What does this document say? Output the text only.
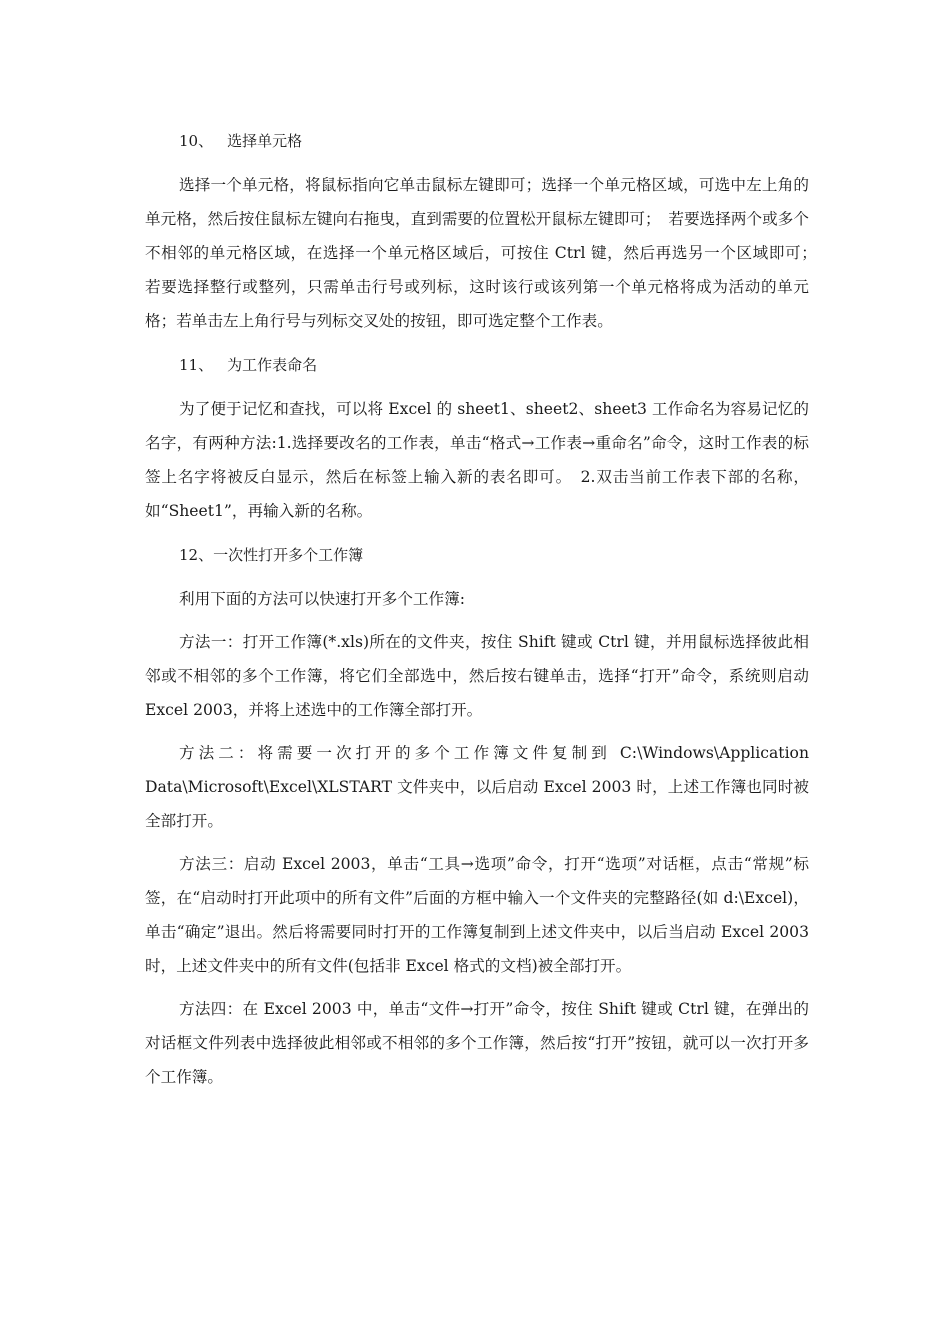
10、 选择单元格

选择一个单元格，将鼠标指向它单击鼠标左键即可；选择一个单元格区域，可选中左上角的单元格，然后按住鼠标左键向右拖曳，直到需要的位置松开鼠标左键即可；　若要选择两个或多个不相邻的单元格区域，在选择一个单元格区域后，可按住 Ctrl 键，然后再选另一个区域即可；　若要选择整行或整列，只需单击行号或列标，这时该行或该列第一个单元格将成为活动的单元格；若单击左上角行号与列标交叉处的按钮，即可选定整个工作表。

11、 为工作表命名

为了便于记忆和查找，可以将 Excel 的 sheet1、sheet2、sheet3 工作命名为容易记忆的名字，有两种方法:1.选择要改名的工作表，单击“格式→工作表→重命名”命令，这时工作表的标签上名字将被反白显示，然后在标签上输入新的表名即可。　2.双击当前工作表下部的名称，如“Sheet1”，再输入新的名称。

12、一次性打开多个工作簿

利用下面的方法可以快速打开多个工作簿:

方法一：打开工作簿(*.xls)所在的文件夹，按住 Shift 键或 Ctrl 键，并用鼠标选择彼此相邻或不相邻的多个工作簿，将它们全部选中，然后按右键单击，选择“打开”命令，系统则启动 Excel 2003，并将上述选中的工作簿全部打开。

方法二：将需要一次打开的多个工作簿文件复制到 C:\Windows\Application Data\Microsoft\Excel\XLSTART 文件夹中，以后启动 Excel 2003 时，上述工作簿也同时被全部打开。

方法三：启动 Excel 2003，单击“工具→选项”命令，打开“选项”对话框，点击“常规”标签，在“启动时打开此项中的所有文件”后面的方框中输入一个文件夹的完整路径(如 d:\Excel)，单击“确定”退出。然后将需要同时打开的工作簿复制到上述文件夹中，以后当启动 Excel 2003 时，上述文件夹中的所有文件(包括非 Excel 格式的文档)被全部打开。

方法四：在 Excel 2003 中，单击“文件→打开”命令，按住 Shift 键或 Ctrl 键，在弹出的对话框文件列表中选择彼此相邻或不相邻的多个工作簿，然后按“打开”按钮，就可以一次打开多个工作簿。
